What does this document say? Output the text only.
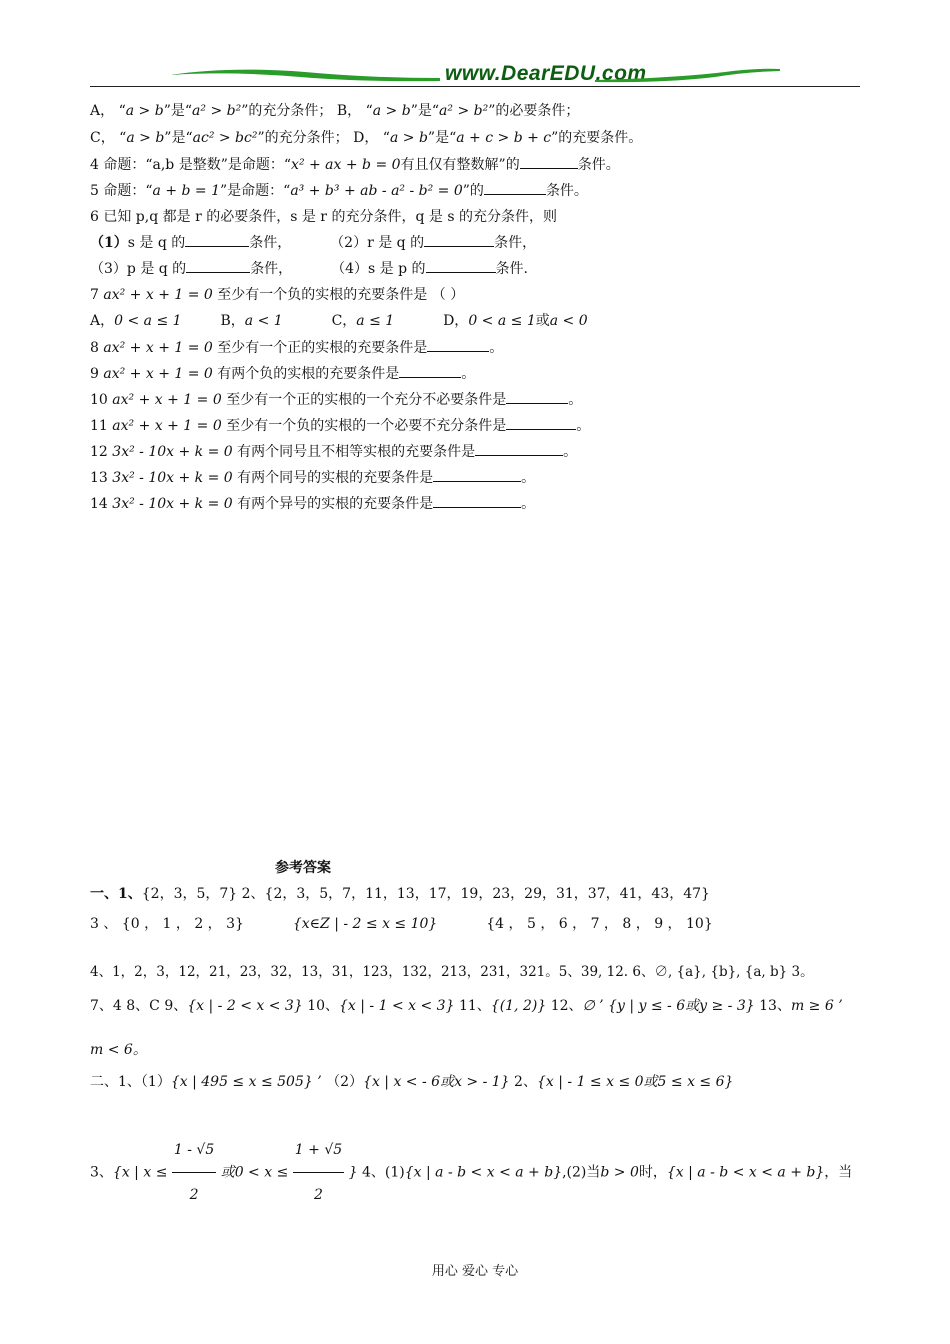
www.DearEDU.com
A， “a > b”是“a² > b²”的充分条件； B， “a > b”是“a² > b²”的必要条件；
C， “a > b”是“ac² > bc²”的充分条件； D， “a > b”是“a + c > b + c”的充要条件。
4 命题：“a,b 是整数”是命题：“x² + ax + b = 0有且仅有整数解”的	条件。
5 命题：“a + b = 1”是命题：“a³ + b³ + ab - a² - b² = 0”的	条件。
6 已知 p,q 都是 r 的必要条件，s 是 r 的充分条件，q 是 s 的充分条件，则
（1）s 是 q 的	条件，	（2）r 是 q 的	条件，
（3）p 是 q 的	条件，	（4）s 是 p 的	条件.
7 ax² + x + 1 = 0 至少有一个负的实根的充要条件是 （ ）
A，0 < a ≤ 1	B，a < 1	C，a ≤ 1	D，0 < a ≤ 1或a < 0
8 ax² + x + 1 = 0 至少有一个正的实根的充要条件是	。
9 ax² + x + 1 = 0 有两个负的实根的充要条件是	。
10 ax² + x + 1 = 0 至少有一个正的实根的一个充分不必要条件是	。
11 ax² + x + 1 = 0 至少有一个负的实根的一个必要不充分条件是	。
12 3x² - 10x + k = 0 有两个同号且不相等实根的充要条件是	。
13 3x² - 10x + k = 0 有两个同号的实根的充要条件是	。
14 3x² - 10x + k = 0 有两个异号的实根的充要条件是	。
参考答案
一、1、{2，3，5，7} 2、{2，3，5，7，11，13，17，19，23，29，31，37，41，43，47}
3 、 {0 ， 1 ， 2 ， 3}	{x∈Z | - 2 ≤ x ≤ 10}	{4 ， 5 ， 6 ， 7 ， 8 ， 9 ， 10}
4、1，2，3，12，21，23，32，13，31，123，132，213，231，321。5、39, 12. 6、∅, {a}, {b}, {a, b} 3。
7、4 8、C 9、{x | - 2 < x < 3} 10、{x | - 1 < x < 3} 11、{(1, 2)} 12、∅ ’ {y | y ≤ - 6或y ≥ - 3} 13、m ≥ 6 ’
m < 6。
二、1、（1）{x | 495 ≤ x ≤ 505} ’ （2）{x | x < - 6或x > - 1} 2、{x | - 1 ≤ x ≤ 0或5 ≤ x ≤ 6}
3、{x | $x \le \frac{1 - √5}{2}$ 或$0 < x \le \frac{1 + √5}{2}$ } 4、(1){x | a - b < x < a + b},(2)当b > 0时，{x | a - b < x < a + b}，当
用心 爱心 专心
